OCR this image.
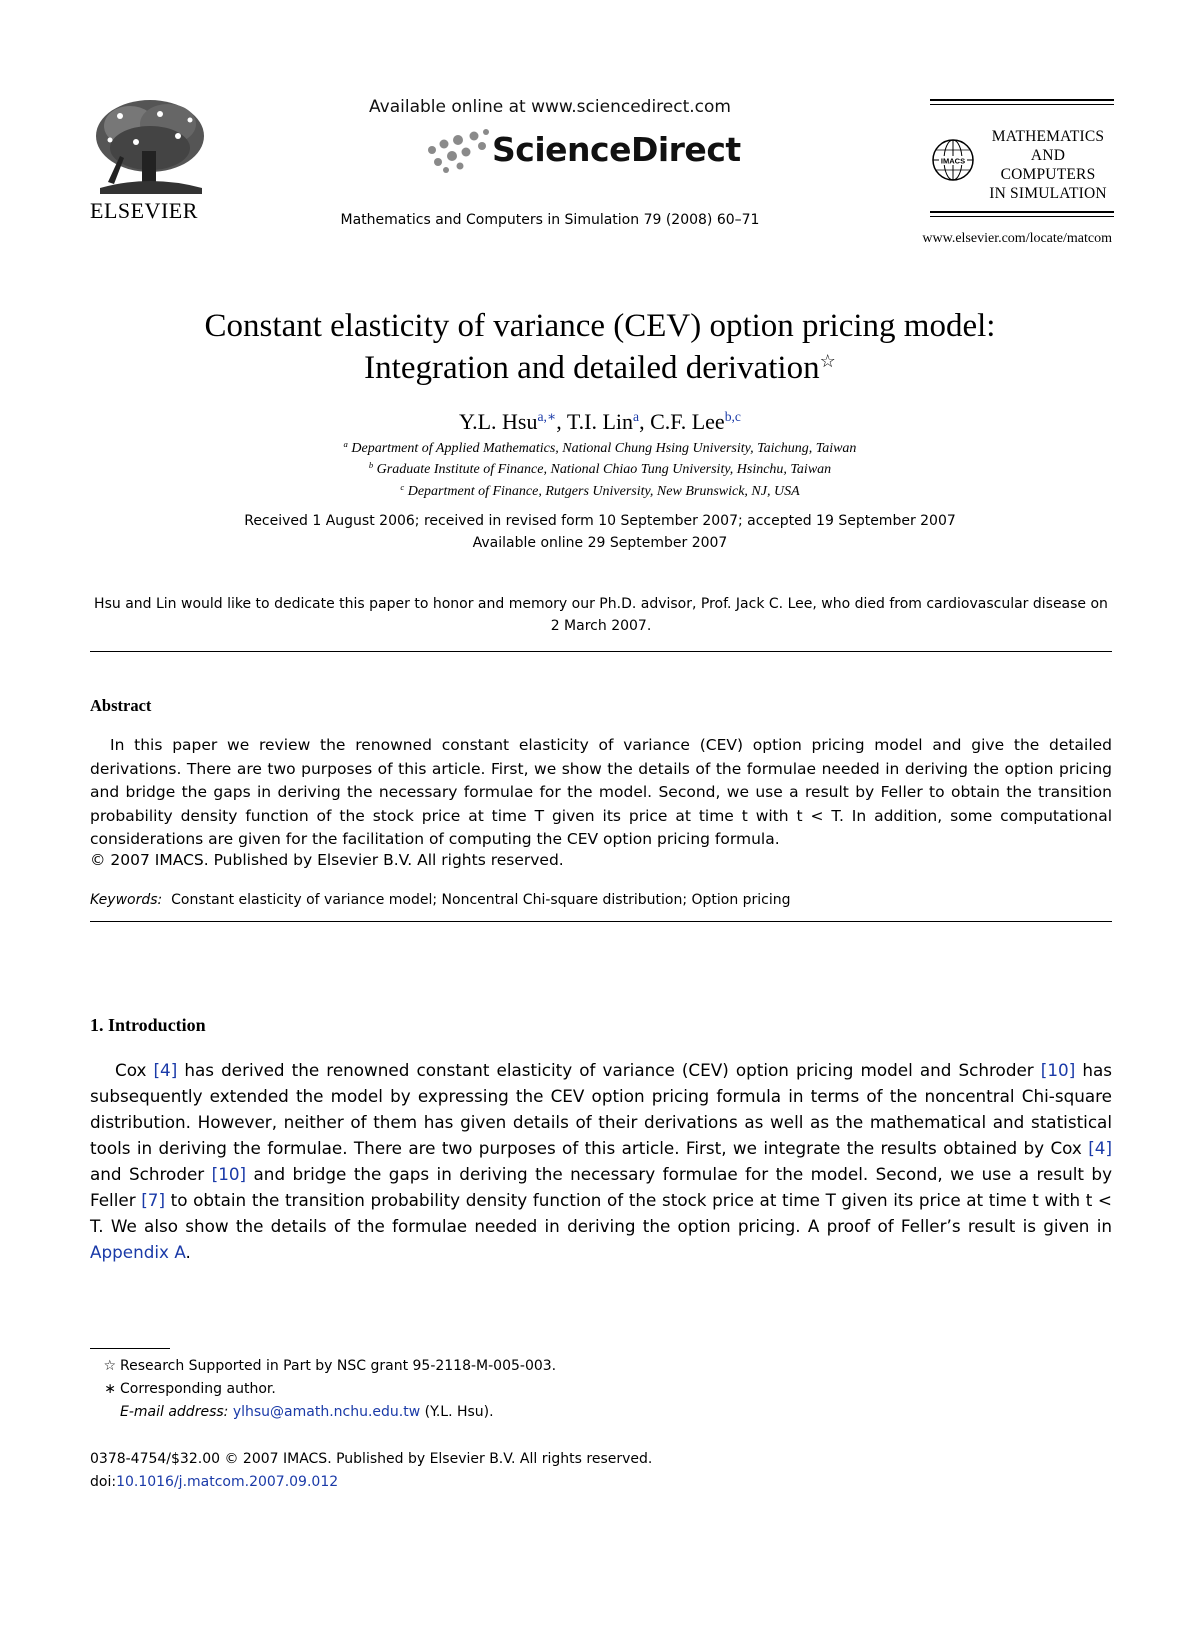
ELSEVIER
Available online at www.sciencedirect.com
ScienceDirect
Mathematics and Computers in Simulation 79 (2008) 60–71
IMACS
MATHEMATICS
AND
COMPUTERS
IN SIMULATION
www.elsevier.com/locate/matcom
Constant elasticity of variance (CEV) option pricing model:
Integration and detailed derivation☆
Y.L. Hsu$^{a,∗}$, T.I. Lin$^a$, C.F. Lee$^{b,c}$
$^a$ Department of Applied Mathematics, National Chung Hsing University, Taichung, Taiwan
$^b$ Graduate Institute of Finance, National Chiao Tung University, Hsinchu, Taiwan
$^c$ Department of Finance, Rutgers University, New Brunswick, NJ, USA
Received 1 August 2006; received in revised form 10 September 2007; accepted 19 September 2007
Available online 29 September 2007
Hsu and Lin would like to dedicate this paper to honor and memory our Ph.D. advisor, Prof. Jack C. Lee, who died from cardiovascular disease on 2 March 2007.
Abstract
In this paper we review the renowned constant elasticity of variance (CEV) option pricing model and give the detailed derivations. There are two purposes of this article. First, we show the details of the formulae needed in deriving the option pricing and bridge the gaps in deriving the necessary formulae for the model. Second, we use a result by Feller to obtain the transition probability density function of the stock price at time T given its price at time t with t < T. In addition, some computational considerations are given for the facilitation of computing the CEV option pricing formula.
© 2007 IMACS. Published by Elsevier B.V. All rights reserved.
Keywords: Constant elasticity of variance model; Noncentral Chi-square distribution; Option pricing
1. Introduction
Cox [4] has derived the renowned constant elasticity of variance (CEV) option pricing model and Schroder [10] has subsequently extended the model by expressing the CEV option pricing formula in terms of the noncentral Chi-square distribution. However, neither of them has given details of their derivations as well as the mathematical and statistical tools in deriving the formulae. There are two purposes of this article. First, we integrate the results obtained by Cox [4] and Schroder [10] and bridge the gaps in deriving the necessary formulae for the model. Second, we use a result by Feller [7] to obtain the transition probability density function of the stock price at time T given its price at time t with t < T. We also show the details of the formulae needed in deriving the option pricing. A proof of Feller’s result is given in Appendix A.
☆ Research Supported in Part by NSC grant 95-2118-M-005-003.
∗ Corresponding author.
E-mail address: ylhsu@amath.nchu.edu.tw (Y.L. Hsu).
0378-4754/$32.00 © 2007 IMACS. Published by Elsevier B.V. All rights reserved.
doi:10.1016/j.matcom.2007.09.012
